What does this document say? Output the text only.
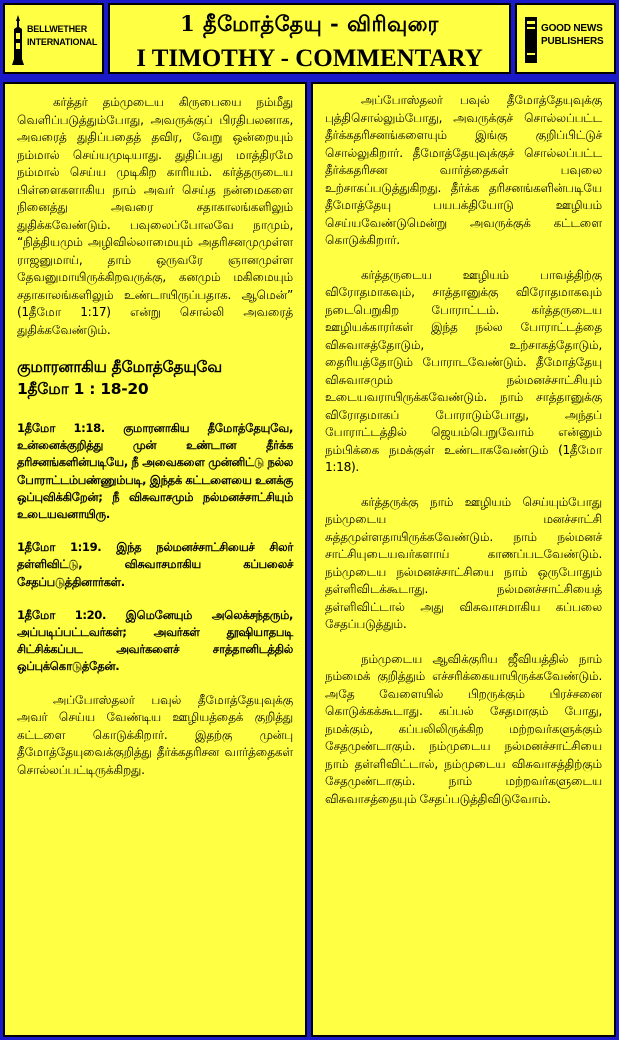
BELLWETHER
INTERNATIONAL
1 தீமோத்தேயு - விரிவுரை
I TIMOTHY - COMMENTARY
GOOD NEWS
PUBLISHERS

கர்த்தர் தம்முடைய கிருபையை நம்மீது வெளிப்படுத்தும்போது, அவருக்குப் பிரதிபலனாக, அவரைத் துதிப்பதைத் தவிர, வேறு ஒன்றையும் நம்மால் செய்யமுடியாது. துதிப்பது மாத்திரமே நம்மால் செய்ய முடிகிற காரியம். கர்த்தருடைய பிள்ளைகளாகிய நாம் அவர் செய்த நன்மைகளை நினைத்து அவரை சதாகாலங்களிலும் துதிக்கவேண்டும். பவுலைப்போலவே நாமும், “நித்தியமும் அழிவில்லாமையும் அதரிசனமுமுள்ள ராஜனுமாய், தாம் ஒருவரே ஞானமுள்ள தேவனுமாயிருக்கிறவருக்கு, கனமும் மகிமையும் சதாகாலங்களிலும் உண்டாயிருப்பதாக. ஆமென்” (1தீமோ 1:17) என்று சொல்லி அவரைத் துதிக்கவேண்டும்.

குமாரனாகிய தீமோத்தேயுவே
1தீமோ 1 : 18-20

1தீமோ 1:18. குமாரனாகிய தீமோத்தேயுவே, உன்னைக்குறித்து முன் உண்டான தீர்க்க தரிசனங்களின்படியே, நீ அவைகளை முன்னிட்டு நல்ல போராட்டம்பண்ணும்படி, இந்தக் கட்டளையை உனக்கு ஒப்புவிக்கிறேன்; நீ விசுவாசமும் நல்மனச்சாட்சியும் உடையவனாயிரு.

1தீமோ 1:19. இந்த நல்மனச்சாட்சியைச் சிலர் தள்ளிவிட்டு, விசுவாசமாகிய கப்பலைச் சேதப்படுத்தினார்கள்.

1தீமோ 1:20. இமெனேயும் அலெக்சந்தரும், அப்படிப்பட்டவர்கள்; அவர்கள் தூஷியாதபடி சிட்சிக்கப்பட அவர்களைச் சாத்தானிடத்தில் ஒப்புக்கொடுத்தேன்.

அப்போஸ்தலர் பவுல் தீமோத்தேயுவுக்கு அவர் செய்ய வேண்டிய ஊழியத்தைக் குறித்து கட்டளை கொடுக்கிறார். இதற்கு முன்பு தீமோத்தேயுவைக்குறித்து தீர்க்கதரிசன வார்த்தைகள் சொல்லப்பட்டிருக்கிறது.

அப்போஸ்தலர் பவுல் தீமோத்தேயுவுக்கு புத்திசொல்லும்போது, அவருக்குச் சொல்லப்பட்ட தீர்க்கதரிசனங்களையும் இங்கு குறிப்பிட்டுச் சொல்லுகிறார். தீமோத்தேயுவுக்குச் சொல்லப்பட்ட தீர்க்கதரிசன வார்த்தைகள் பவுலை உற்சாகப்படுத்துகிறது. தீர்க்க தரிசனங்களின்படியே தீமோத்தேயு பயபக்தியோடு ஊழியம் செய்யவேண்டுமென்று அவருக்குக் கட்டளை கொடுக்கிறார்.

கர்த்தருடைய ஊழியம் பாவத்திற்கு விரோதமாகவும், சாத்தானுக்கு விரோதமாகவும் நடைபெறுகிற போராட்டம். கர்த்தருடைய ஊழியக்காரர்கள் இந்த நல்ல போராட்டத்தை விசுவாசத்தோடும், உற்சாகத்தோடும், தைரியத்தோடும் போராடவேண்டும். தீமோத்தேயு விசுவாசமும் நல்மனச்சாட்சியும் உடையவராயிருக்கவேண்டும். நாம் சாத்தானுக்கு விரோதமாகப் போராடும்போது, அந்தப் போராட்டத்தில் ஜெயம்பெறுவோம் என்னும் நம்பிக்கை நமக்குள் உண்டாகவேண்டும் (1தீமோ 1:18).

கர்த்தருக்கு நாம் ஊழியம் செய்யும்போது நம்முடைய மனச்சாட்சி சுத்தமுள்ளதாயிருக்கவேண்டும். நாம் நல்மனச் சாட்சியுடையவர்களாய் காணப்படவேண்டும். நம்முடைய நல்மனச்சாட்சியை நாம் ஒருபோதும் தள்ளிவிடக்கூடாது. நல்மனச்சாட்சியைத் தள்ளிவிட்டால் அது விசுவாசமாகிய கப்பலை சேதப்படுத்தும்.

நம்முடைய ஆவிக்குரிய ஜீவியத்தில் நாம் நம்மைக் குறித்தும் எச்சரிக்கையாயிருக்கவேண்டும். அதே வேளையில் பிறருக்கும் பிரச்சனை கொடுக்கக்கூடாது. கப்பல் சேதமாகும் போது, நமக்கும், கப்பலிலிருக்கிற மற்றவர்களுக்கும் சேதமுண்டாகும். நம்முடைய நல்மனச்சாட்சியை நாம் தள்ளிவிட்டால், நம்முடைய விசுவாசத்திற்கும் சேதமுண்டாகும். நாம் மற்றவர்களுடைய விசுவாசத்தையும் சேதப்படுத்திவிடுவோம்.
